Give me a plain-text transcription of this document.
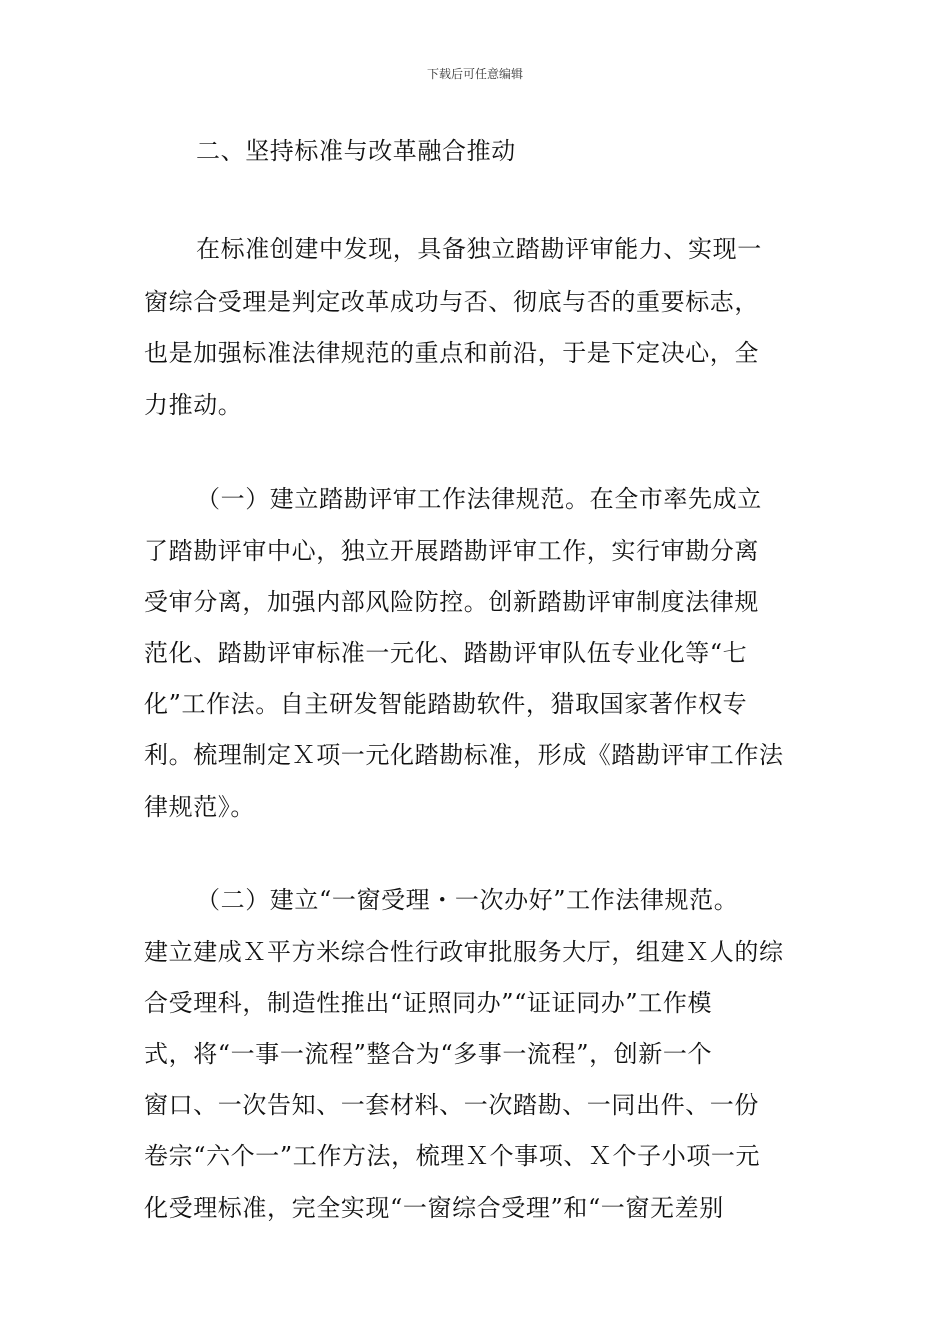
下载后可任意编辑
二、坚持标准与改革融合推动
在标准创建中发现，具备独立踏勘评审能力、实现一
窗综合受理是判定改革成功与否、彻底与否的重要标志，
也是加强标准法律规范的重点和前沿，于是下定决心，全
力推动。
（一）建立踏勘评审工作法律规范。在全市率先成立
了踏勘评审中心，独立开展踏勘评审工作，实行审勘分离
受审分离，加强内部风险防控。创新踏勘评审制度法律规
范化、踏勘评审标准一元化、踏勘评审队伍专业化等“七
化”工作法。自主研发智能踏勘软件，猎取国家著作权专
利。梳理制定Ｘ项一元化踏勘标准，形成《踏勘评审工作法
律规范》。
（二）建立“一窗受理・一次办好”工作法律规范。
建立建成Ｘ平方米综合性行政审批服务大厅，组建Ｘ人的综
合受理科，制造性推出“证照同办”“证证同办”工作模
式，将“一事一流程”整合为“多事一流程”，创新一个
窗口、一次告知、一套材料、一次踏勘、一同出件、一份
卷宗“六个一”工作方法，梳理Ｘ个事项、Ｘ个子小项一元
化受理标准，完全实现“一窗综合受理”和“一窗无差别
